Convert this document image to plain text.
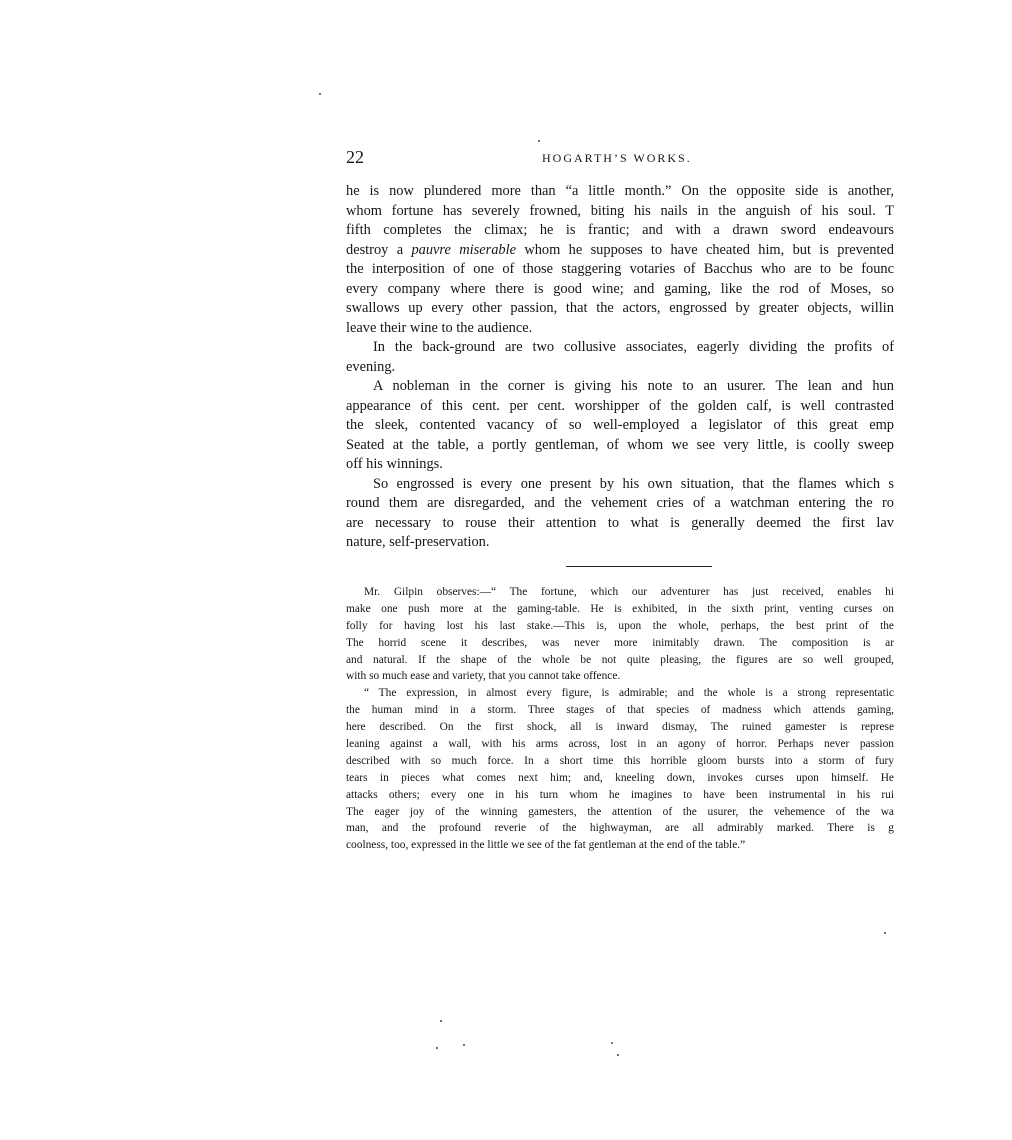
22	HOGARTH’S WORKS.
he is now plundered more than “a little month.” On the opposite side is another,
whom fortune has severely frowned, biting his nails in the anguish of his soul. T
fifth completes the climax; he is frantic; and with a drawn sword endeavours
destroy a pauvre miserable whom he supposes to have cheated him, but is prevented
the interposition of one of those staggering votaries of Bacchus who are to be founc
every company where there is good wine; and gaming, like the rod of Moses, so
swallows up every other passion, that the actors, engrossed by greater objects, willin
leave their wine to the audience.
In the back-ground are two collusive associates, eagerly dividing the profits of
evening.
A nobleman in the corner is giving his note to an usurer. The lean and hun
appearance of this cent. per cent. worshipper of the golden calf, is well contrasted
the sleek, contented vacancy of so well-employed a legislator of this great emp
Seated at the table, a portly gentleman, of whom we see very little, is coolly sweep
off his winnings.
So engrossed is every one present by his own situation, that the flames which s
round them are disregarded, and the vehement cries of a watchman entering the ro
are necessary to rouse their attention to what is generally deemed the first lav
nature, self-preservation.
Mr. Gilpin observes:—“ The fortune, which our adventurer has just received, enables hi
make one push more at the gaming-table. He is exhibited, in the sixth print, venting curses on
folly for having lost his last stake.—This is, upon the whole, perhaps, the best print of the
The horrid scene it describes, was never more inimitably drawn. The composition is ar
and natural. If the shape of the whole be not quite pleasing, the figures are so well grouped,
with so much ease and variety, that you cannot take offence.
“ The expression, in almost every figure, is admirable; and the whole is a strong representatic
the human mind in a storm. Three stages of that species of madness which attends gaming,
here described. On the first shock, all is inward dismay, The ruined gamester is represe
leaning against a wall, with his arms across, lost in an agony of horror. Perhaps never passion
described with so much force. In a short time this horrible gloom bursts into a storm of fury
tears in pieces what comes next him; and, kneeling down, invokes curses upon himself. He
attacks others; every one in his turn whom he imagines to have been instrumental in his rui
The eager joy of the winning gamesters, the attention of the usurer, the vehemence of the wa
man, and the profound reverie of the highwayman, are all admirably marked. There is g
coolness, too, expressed in the little we see of the fat gentleman at the end of the table.”
